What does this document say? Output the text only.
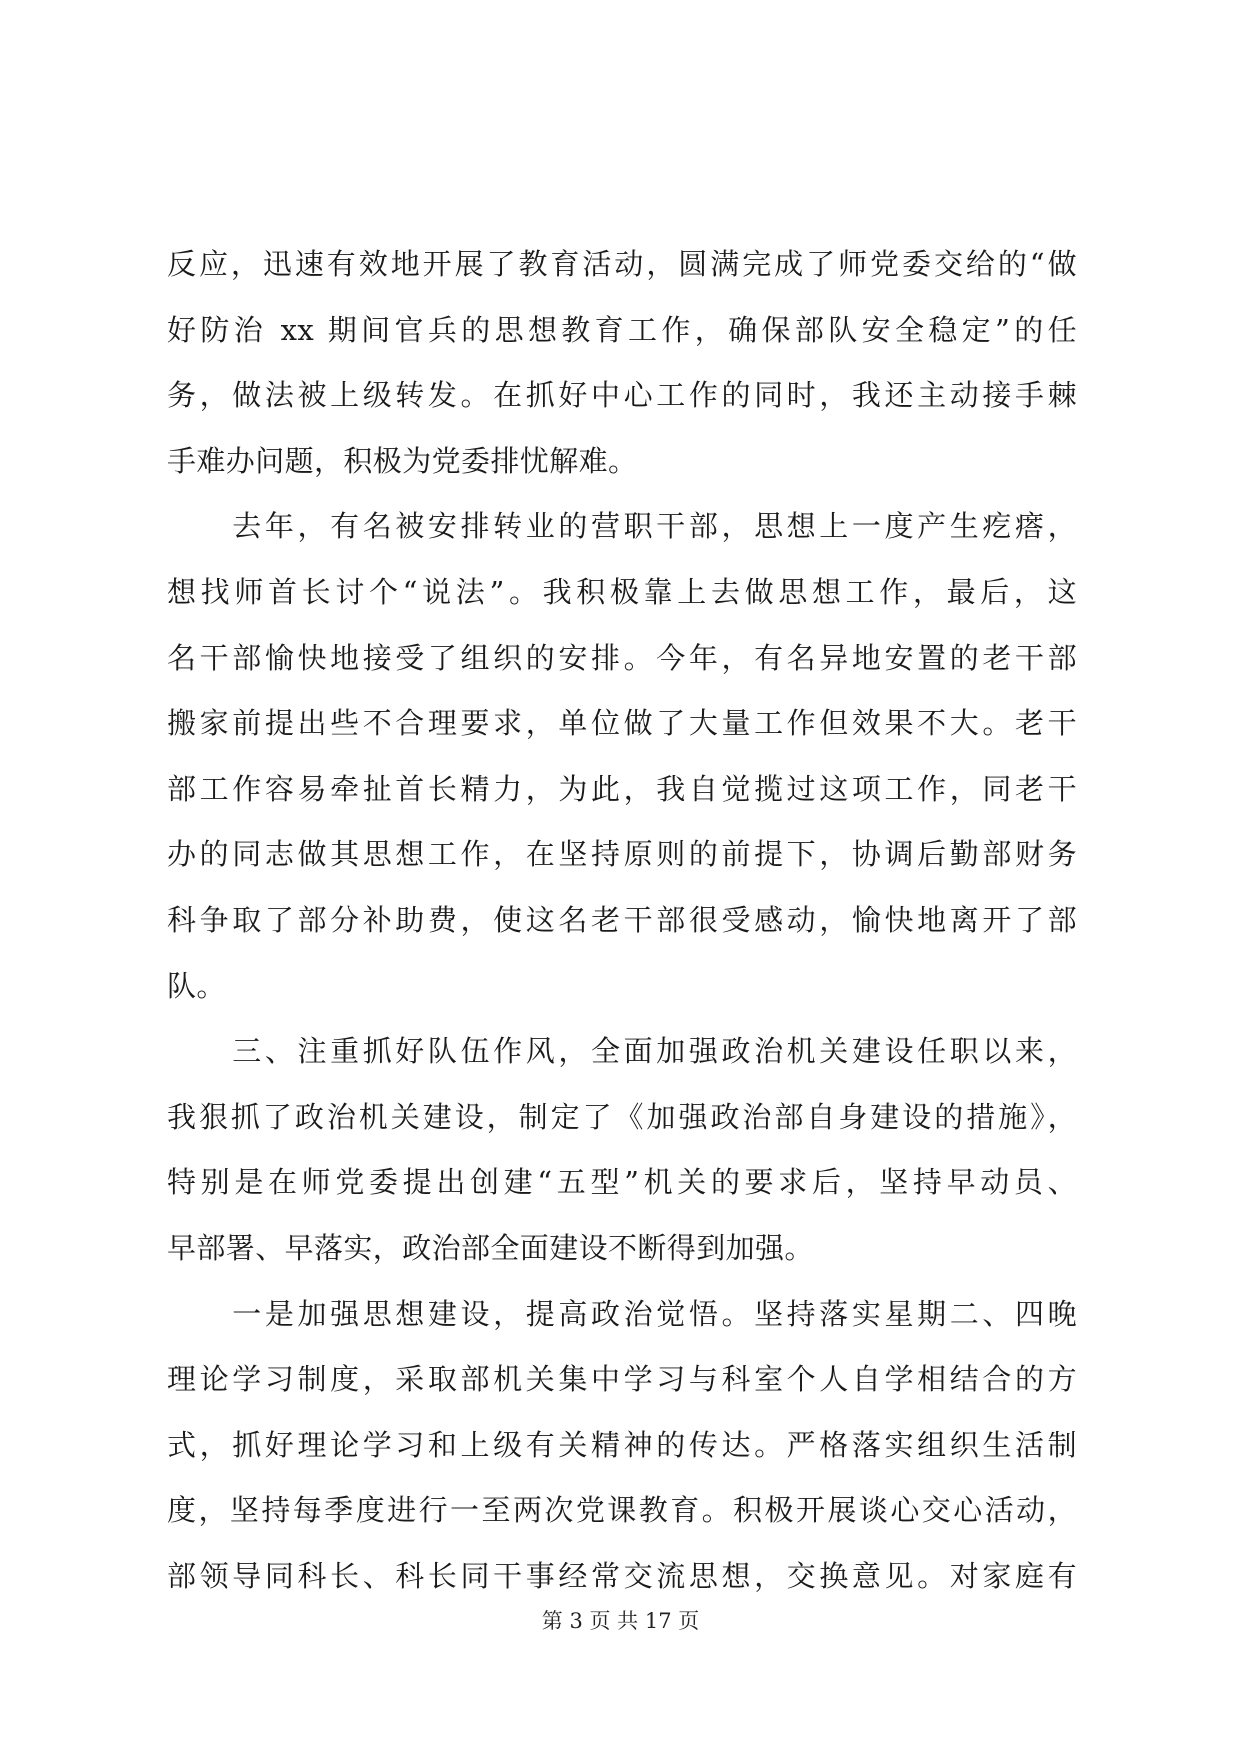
反应，迅速有效地开展了教育活动，圆满完成了师党委交给的“做
好防治 xx 期间官兵的思想教育工作，确保部队安全稳定”的任
务，做法被上级转发。在抓好中心工作的同时，我还主动接手棘
手难办问题，积极为党委排忧解难。
　　去年，有名被安排转业的营职干部，思想上一度产生疙瘩，
想找师首长讨个“说法”。我积极靠上去做思想工作，最后，这
名干部愉快地接受了组织的安排。今年，有名异地安置的老干部
搬家前提出些不合理要求，单位做了大量工作但效果不大。老干
部工作容易牵扯首长精力，为此，我自觉揽过这项工作，同老干
办的同志做其思想工作，在坚持原则的前提下，协调后勤部财务
科争取了部分补助费，使这名老干部很受感动，愉快地离开了部
队。
　　三、注重抓好队伍作风，全面加强政治机关建设任职以来，
我狠抓了政治机关建设，制定了《加强政治部自身建设的措施》，
特别是在师党委提出创建“五型”机关的要求后，坚持早动员、
早部署、早落实，政治部全面建设不断得到加强。
　　一是加强思想建设，提高政治觉悟。坚持落实星期二、四晚
理论学习制度，采取部机关集中学习与科室个人自学相结合的方
式，抓好理论学习和上级有关精神的传达。严格落实组织生活制
度，坚持每季度进行一至两次党课教育。积极开展谈心交心活动，
部领导同科长、科长同干事经常交流思想，交换意见。对家庭有
第 3 页 共 17 页
